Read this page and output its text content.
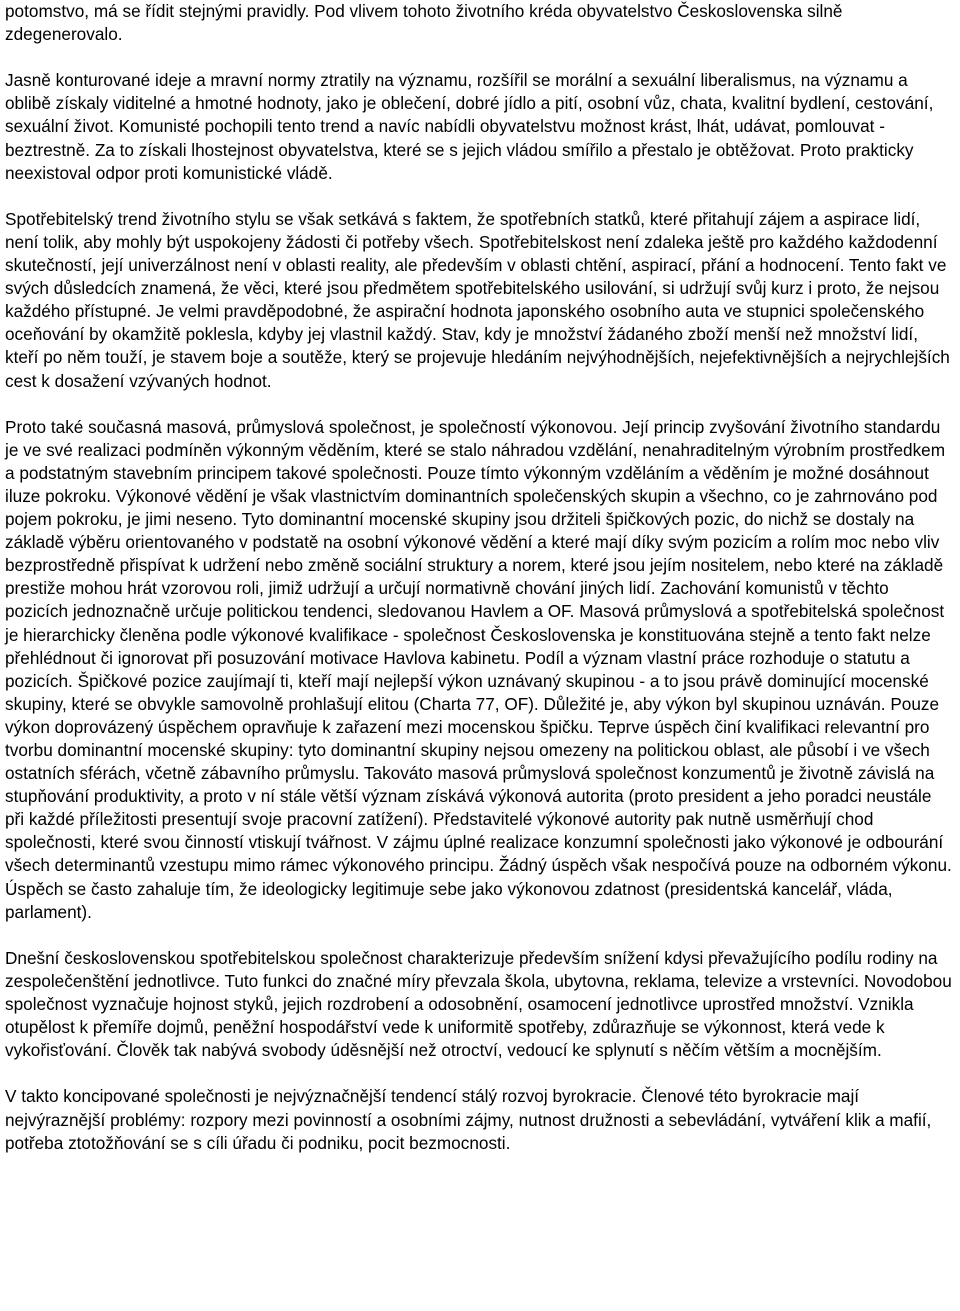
potomstvo, má se řídit stejnými pravidly. Pod vlivem tohoto životního kréda obyvatelstvo Československa silně zdegenerovalo.

Jasně konturované ideje a mravní normy ztratily na významu, rozšířil se morální a sexuální liberalismus, na významu a oblibě získaly viditelné a hmotné hodnoty, jako je oblečení, dobré jídlo a pití, osobní vůz, chata, kvalitní bydlení, cestování, sexuální život. Komunisté pochopili tento trend a navíc nabídli obyvatelstvu možnost krást, lhát, udávat, pomlouvat - beztrestně. Za to získali lhostejnost obyvatelstva, které se s jejich vládou smířilo a přestalo je obtěžovat. Proto prakticky neexistoval odpor proti komunistické vládě.

Spotřebitelský trend životního stylu se však setkává s faktem, že spotřebních statků, které přitahují zájem a aspirace lidí, není tolik, aby mohly být uspokojeny žádosti či potřeby všech. Spotřebitelskost není zdaleka ještě pro každého každodenní skutečností, její univerzálnost není v oblasti reality, ale především v oblasti chtění, aspirací, přání a hodnocení. Tento fakt ve svých důsledcích znamená, že věci, které jsou předmětem spotřebitelského usilování, si udržují svůj kurz i proto, že nejsou každého přístupné. Je velmi pravděpodobné, že aspirační hodnota japonského osobního auta ve stupnici společenského oceňování by okamžitě poklesla, kdyby jej vlastnil každý. Stav, kdy je množství žádaného zboží menší než množství lidí, kteří po něm touží, je stavem boje a soutěže, který se projevuje hledáním nejvýhodnějších, nejefektivnějších a nejrychlejších cest k dosažení vzývaných hodnot.

Proto také současná masová, průmyslová společnost, je společností výkonovou. Její princip zvyšování životního standardu je ve své realizaci podmíněn výkonným věděním, které se stalo náhradou vzdělání, nenahraditelným výrobním prostředkem a podstatným stavebním principem takové společnosti. Pouze tímto výkonným vzděláním a věděním je možné dosáhnout iluze pokroku. Výkonové vědění je však vlastnictvím dominantních společenských skupin a všechno, co je zahrnováno pod pojem pokroku, je jimi neseno. Tyto dominantní mocenské skupiny jsou držiteli špičkových pozic, do nichž se dostaly na základě výběru orientovaného v podstatě na osobní výkonové vědění a které mají díky svým pozicím a rolím moc nebo vliv bezprostředně přispívat k udržení nebo změně sociální struktury a norem, které jsou jejím nositelem, nebo které na základě prestiže mohou hrát vzorovou roli, jimiž udržují a určují normativně chování jiných lidí. Zachování komunistů v těchto pozicích jednoznačně určuje politickou tendenci, sledovanou Havlem a OF. Masová průmyslová a spotřebitelská společnost je hierarchicky členěna podle výkonové kvalifikace - společnost Československa je konstituována stejně a tento fakt nelze přehlédnout či ignorovat při posuzování motivace Havlova kabinetu. Podíl a význam vlastní práce rozhoduje o statutu a pozicích. Špičkové pozice zaujímají ti, kteří mají nejlepší výkon uznávaný skupinou - a to jsou právě dominující mocenské skupiny, které se obvykle samovolně prohlašují elitou (Charta 77, OF). Důležité je, aby výkon byl skupinou uznáván. Pouze výkon doprovázený úspěchem opravňuje k zařazení mezi mocenskou špičku. Teprve úspěch činí kvalifikaci relevantní pro tvorbu dominantní mocenské skupiny: tyto dominantní skupiny nejsou omezeny na politickou oblast, ale působí i ve všech ostatních sférách, včetně zábavního průmyslu. Takováto masová průmyslová společnost konzumentů je životně závislá na stupňování produktivity, a proto v ní stále větší význam získává výkonová autorita (proto president a jeho poradci neustále při každé příležitosti presentují svoje pracovní zatížení). Představitelé výkonové autority pak nutně usměrňují chod společnosti, které svou činností vtiskují tvářnost. V zájmu úplné realizace konzumní společnosti jako výkonové je odbourání všech determinantů vzestupu mimo rámec výkonového principu. Žádný úspěch však nespočívá pouze na odborném výkonu. Úspěch se často zahaluje tím, že ideologicky legitimuje sebe jako výkonovou zdatnost (presidentská kancelář, vláda, parlament).

Dnešní československou spotřebitelskou společnost charakterizuje především snížení kdysi převažujícího podílu rodiny na zespolečenštění jednotlivce. Tuto funkci do značné míry převzala škola, ubytovna, reklama, televize a vrstevníci. Novodobou společnost vyznačuje hojnost styků, jejich rozdrobení a odosobnění, osamocení jednotlivce uprostřed množství. Vznikla otupělost k přemíře dojmů, peněžní hospodářství vede k uniformitě spotřeby, zdůrazňuje se výkonnost, která vede k vykořisťování. Člověk tak nabývá svobody úděsnější než otroctví, vedoucí ke splynutí s něčím větším a mocnějším.

V takto koncipované společnosti je nejvýznačnější tendencí stálý rozvoj byrokracie. Členové této byrokracie mají nejvýraznější problémy: rozpory mezi povinností a osobními zájmy, nutnost družnosti a sebevládání, vytváření klik a mafií, potřeba ztotožňování se s cíli úřadu či podniku, pocit bezmocnosti.
